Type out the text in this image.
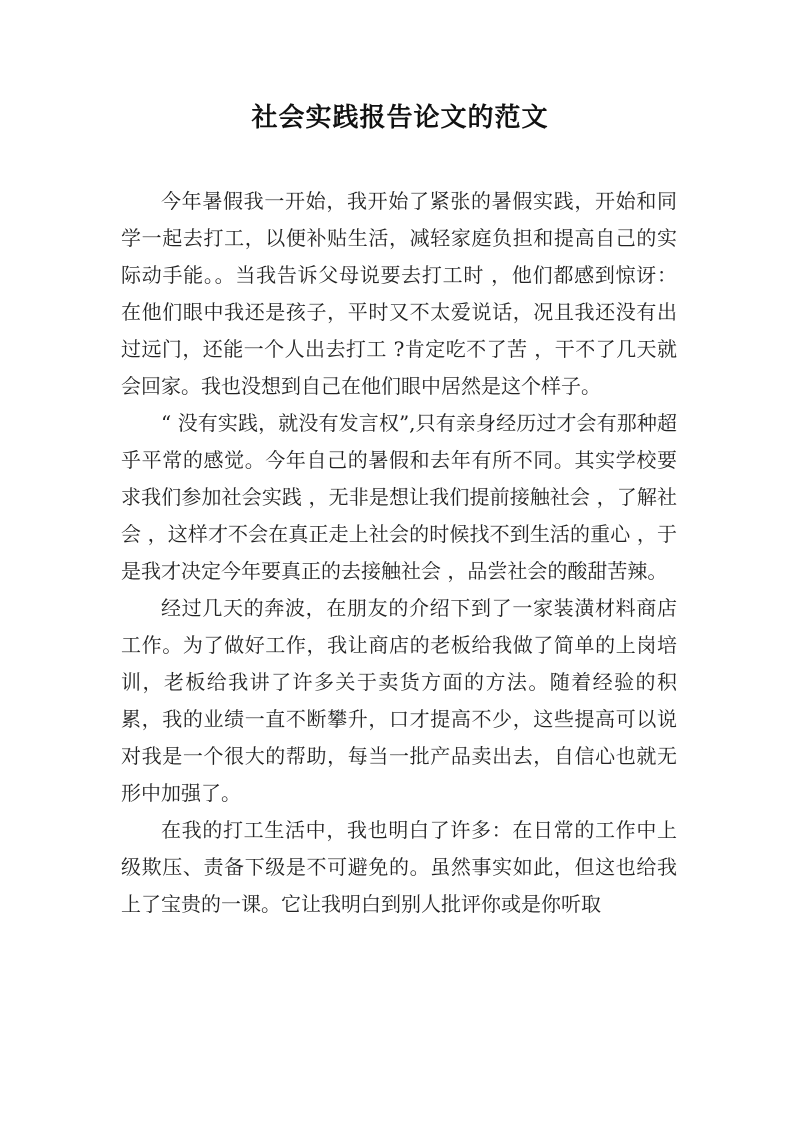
社会实践报告论文的范文

今年暑假我一开始，我开始了紧张的暑假实践，开始和同学一起去打工，以便补贴生活，减轻家庭负担和提高自己的实际动手能。。当我告诉父母说要去打工时 ，他们都感到惊讶：在他们眼中我还是孩子，平时又不太爱说话，况且我还没有出过远门，还能一个人出去打工 ?肯定吃不了苦 ，干不了几天就会回家。我也没想到自己在他们眼中居然是这个样子。

“ 没有实践，就没有发言权”,只有亲身经历过才会有那种超乎平常的感觉。今年自己的暑假和去年有所不同。其实学校要求我们参加社会实践 ，无非是想让我们提前接触社会 ，了解社会 ，这样才不会在真正走上社会的时候找不到生活的重心 ，于是我才决定今年要真正的去接触社会 ，品尝社会的酸甜苦辣。

经过几天的奔波，在朋友的介绍下到了一家装潢材料商店工作。为了做好工作，我让商店的老板给我做了简单的上岗培训，老板给我讲了许多关于卖货方面的方法。随着经验的积累，我的业绩一直不断攀升，口才提高不少，这些提高可以说对我是一个很大的帮助，每当一批产品卖出去，自信心也就无形中加强了。

在我的打工生活中，我也明白了许多：在日常的工作中上级欺压、责备下级是不可避免的。虽然事实如此，但这也给我上了宝贵的一课。它让我明白到别人批评你或是你听取
